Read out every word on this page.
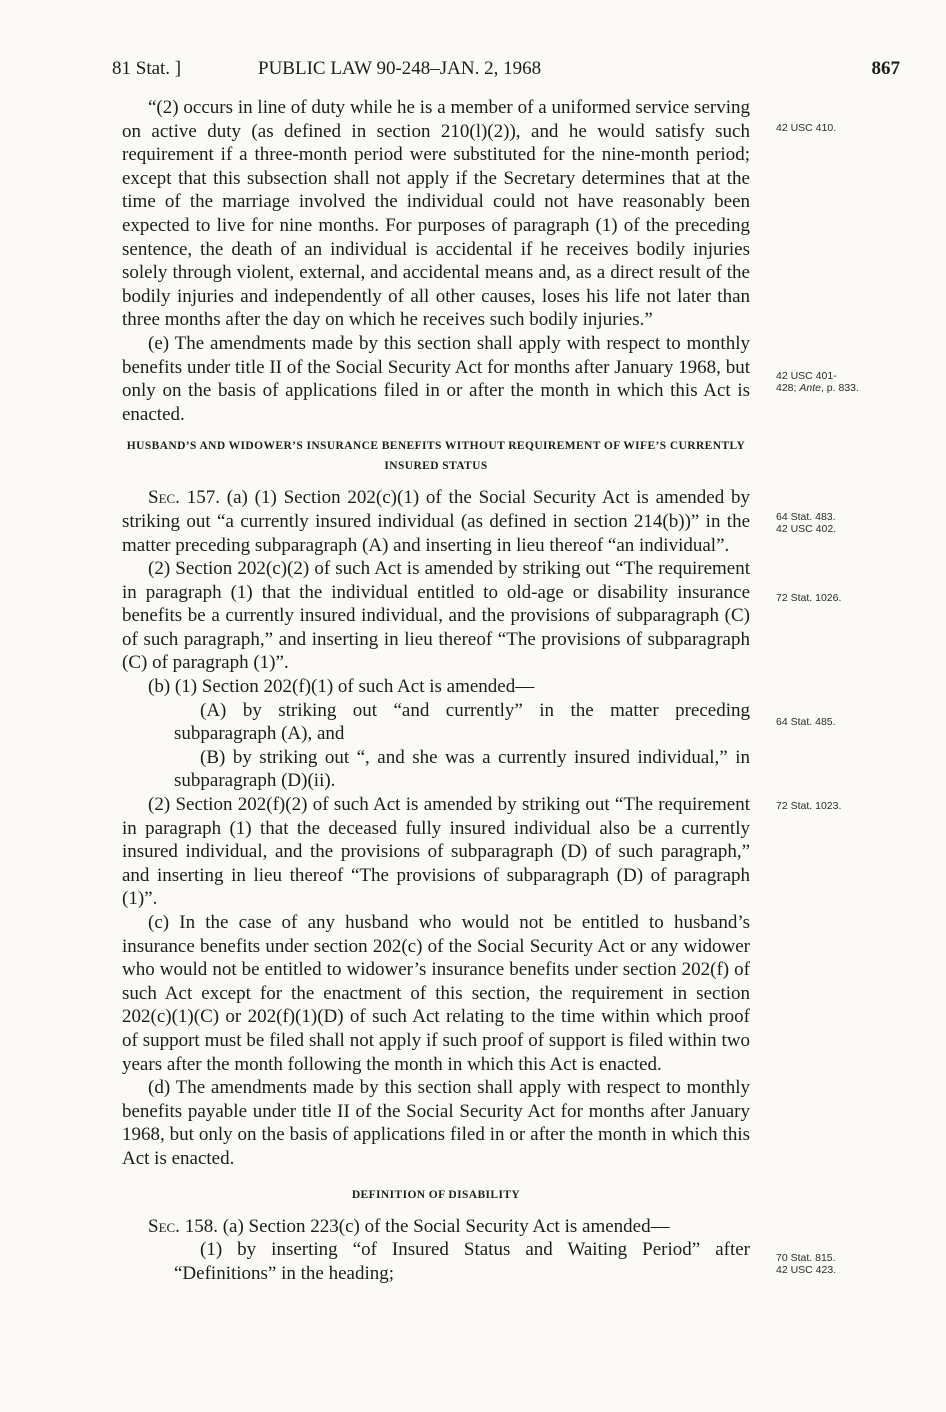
81 Stat. ]	PUBLIC LAW 90-248–JAN. 2, 1968	867

“(2) occurs in line of duty while he is a member of a uniformed service serving on active duty (as defined in section 210(l)(2)), and he would satisfy such requirement if a three-month period were substituted for the nine-month period; except that this subsection shall not apply if the Secretary determines that at the time of the marriage involved the individual could not have reasonably been expected to live for nine months. For purposes of paragraph (1) of the preceding sentence, the death of an individual is accidental if he receives bodily injuries solely through violent, external, and accidental means and, as a direct result of the bodily injuries and independently of all other causes, loses his life not later than three months after the day on which he receives such bodily injuries.”

(e) The amendments made by this section shall apply with respect to monthly benefits under title II of the Social Security Act for months after January 1968, but only on the basis of applications filed in or after the month in which this Act is enacted.

HUSBAND’S AND WIDOWER’S INSURANCE BENEFITS WITHOUT REQUIREMENT OF WIFE’S CURRENTLY INSURED STATUS

Sec. 157. (a) (1) Section 202(c)(1) of the Social Security Act is amended by striking out “a currently insured individual (as defined in section 214(b))” in the matter preceding subparagraph (A) and inserting in lieu thereof “an individual”.

(2) Section 202(c)(2) of such Act is amended by striking out “The requirement in paragraph (1) that the individual entitled to old-age or disability insurance benefits be a currently insured individual, and the provisions of subparagraph (C) of such paragraph,” and inserting in lieu thereof “The provisions of subparagraph (C) of paragraph (1)”.

(b) (1) Section 202(f)(1) of such Act is amended—

(A) by striking out “and currently” in the matter preceding subparagraph (A), and

(B) by striking out “, and she was a currently insured individual,” in subparagraph (D)(ii).

(2) Section 202(f)(2) of such Act is amended by striking out “The requirement in paragraph (1) that the deceased fully insured individual also be a currently insured individual, and the provisions of subparagraph (D) of such paragraph,” and inserting in lieu thereof “The provisions of subparagraph (D) of paragraph (1)”.

(c) In the case of any husband who would not be entitled to husband’s insurance benefits under section 202(c) of the Social Security Act or any widower who would not be entitled to widower’s insurance benefits under section 202(f) of such Act except for the enactment of this section, the requirement in section 202(c)(1)(C) or 202(f)(1)(D) of such Act relating to the time within which proof of support must be filed shall not apply if such proof of support is filed within two years after the month following the month in which this Act is enacted.

(d) The amendments made by this section shall apply with respect to monthly benefits payable under title II of the Social Security Act for months after January 1968, but only on the basis of applications filed in or after the month in which this Act is enacted.

DEFINITION OF DISABILITY

Sec. 158. (a) Section 223(c) of the Social Security Act is amended—

(1) by inserting “of Insured Status and Waiting Period” after “Definitions” in the heading;

42 USC 410.
42 USC 401-
428; Ante, p. 833.
64 Stat. 483.
42 USC 402.
72 Stat. 1026.
64 Stat. 485.
72 Stat. 1023.
70 Stat. 815.
42 USC 423.
